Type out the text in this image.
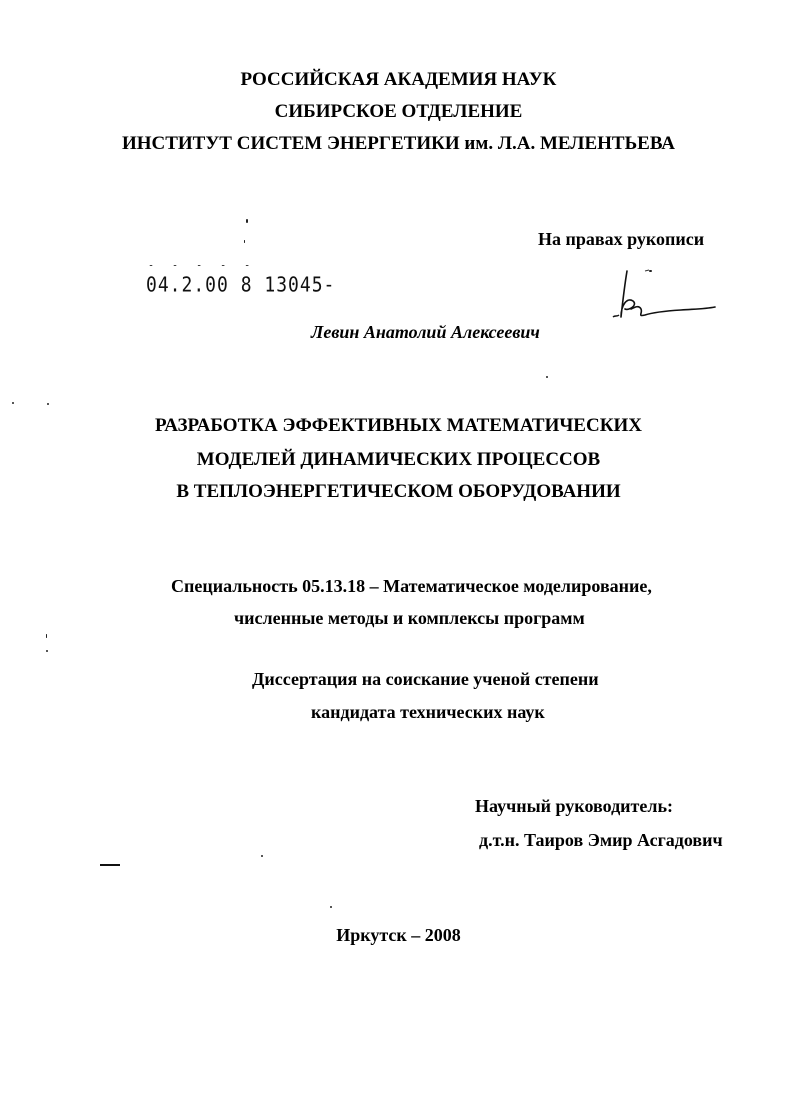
РОССИЙСКАЯ АКАДЕМИЯ НАУК
СИБИРСКОЕ ОТДЕЛЕНИЕ
ИНСТИТУТ СИСТЕМ ЭНЕРГЕТИКИ им. Л.А. МЕЛЕНТЬЕВА
На правах рукописи
- - - - -
04.2.00 8 13045-
Левин Анатолий Алексеевич
РАЗРАБОТКА ЭФФЕКТИВНЫХ МАТЕМАТИЧЕСКИХ
МОДЕЛЕЙ ДИНАМИЧЕСКИХ ПРОЦЕССОВ
В ТЕПЛОЭНЕРГЕТИЧЕСКОМ ОБОРУДОВАНИИ
Специальность 05.13.18 – Математическое моделирование,
численные методы и комплексы программ
Диссертация на соискание ученой степени
кандидата технических наук
Научный руководитель:
д.т.н. Таиров Эмир Асгадович
Иркутск – 2008
